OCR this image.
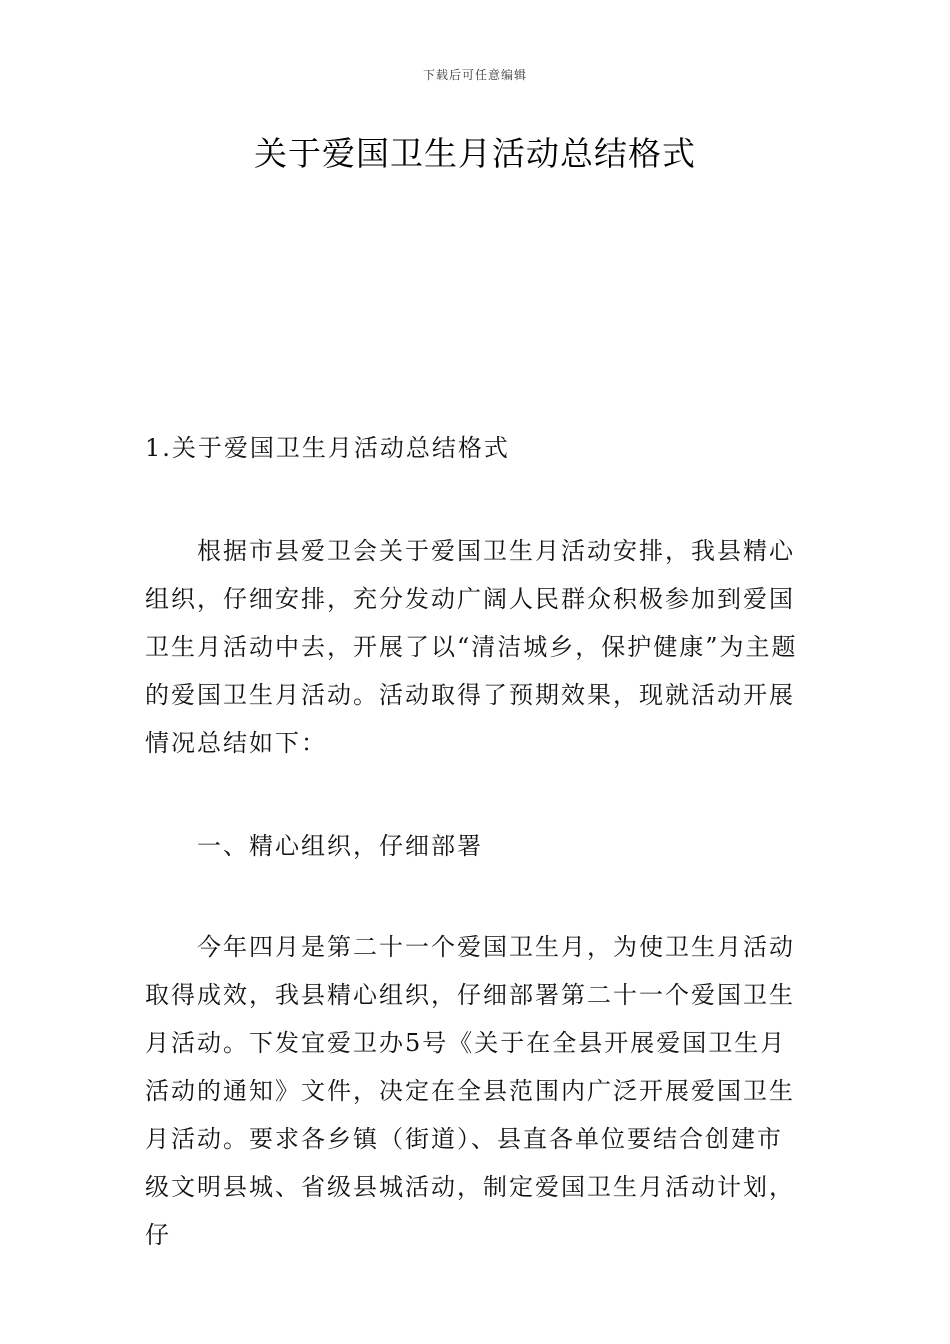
下载后可任意编辑
关于爱国卫生月活动总结格式
1.关于爱国卫生月活动总结格式
根据市县爱卫会关于爱国卫生月活动安排，我县精心组织，仔细安排，充分发动广阔人民群众积极参加到爱国卫生月活动中去，开展了以“清洁城乡，保护健康”为主题的爱国卫生月活动。活动取得了预期效果，现就活动开展情况总结如下：
一、精心组织，仔细部署
今年四月是第二十一个爱国卫生月，为使卫生月活动取得成效，我县精心组织，仔细部署第二十一个爱国卫生月活动。下发宜爱卫办5号《关于在全县开展爱国卫生月活动的通知》文件，决定在全县范围内广泛开展爱国卫生月活动。要求各乡镇（街道）、县直各单位要结合创建市级文明县城、省级县城活动，制定爱国卫生月活动计划，仔
